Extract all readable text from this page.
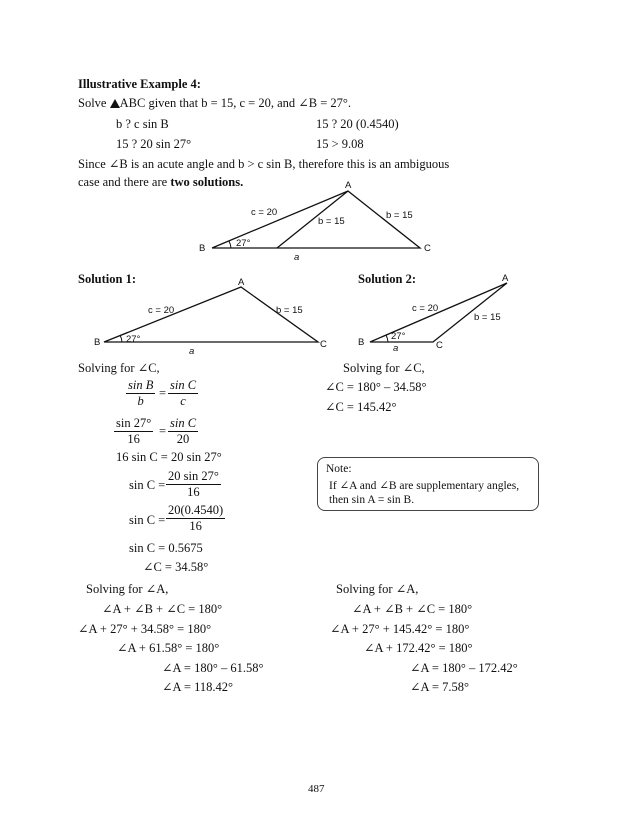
Illustrative Example 4:
Solve ABC given that b = 15, c = 20, and ∠B = 27°.
b ? c sin B	15 ? 20 (0.4540)
15 ? 20 sin 27°	15 > 9.08
Since ∠B is an acute angle and b > c sin B, therefore this is an ambiguous
case and there are two solutions.	A
B	C
c = 20
b = 15
b = 15
27°
a
Solution 1:	Solution 2:
A
B	C
c = 20	b = 15
27°
a
A
B	C
c = 20
b = 15
27°
a
Solving for ∠C,
$\frac{\text{sin B}}{b} = \frac{\text{sin C}}{c}$
$\frac{\sin 27^\circ}{16} = \frac{\text{sin C}}{20}$
16 sin C = 20 sin 27°
$\sin C = \frac{20 \sin 27^\circ}{16}$
$\sin C = \frac{20(0.4540)}{16}$
sin C = 0.5675
∠C = 34.58°
Solving for ∠C,
∠C = 180° – 34.58°
∠C = 145.42°
Note:
If ∠A and ∠B are supplementary angles,
then sin A = sin B.
Solving for ∠A,
∠A + ∠B + ∠C = 180°
∠A + 27° + 34.58° = 180°
∠A + 61.58° = 180°
∠A = 180° – 61.58°
∠A = 118.42°
Solving for ∠A,
∠A + ∠B + ∠C = 180°
∠A + 27° + 145.42° = 180°
∠A + 172.42° = 180°
∠A = 180° – 172.42°
∠A = 7.58°
487
